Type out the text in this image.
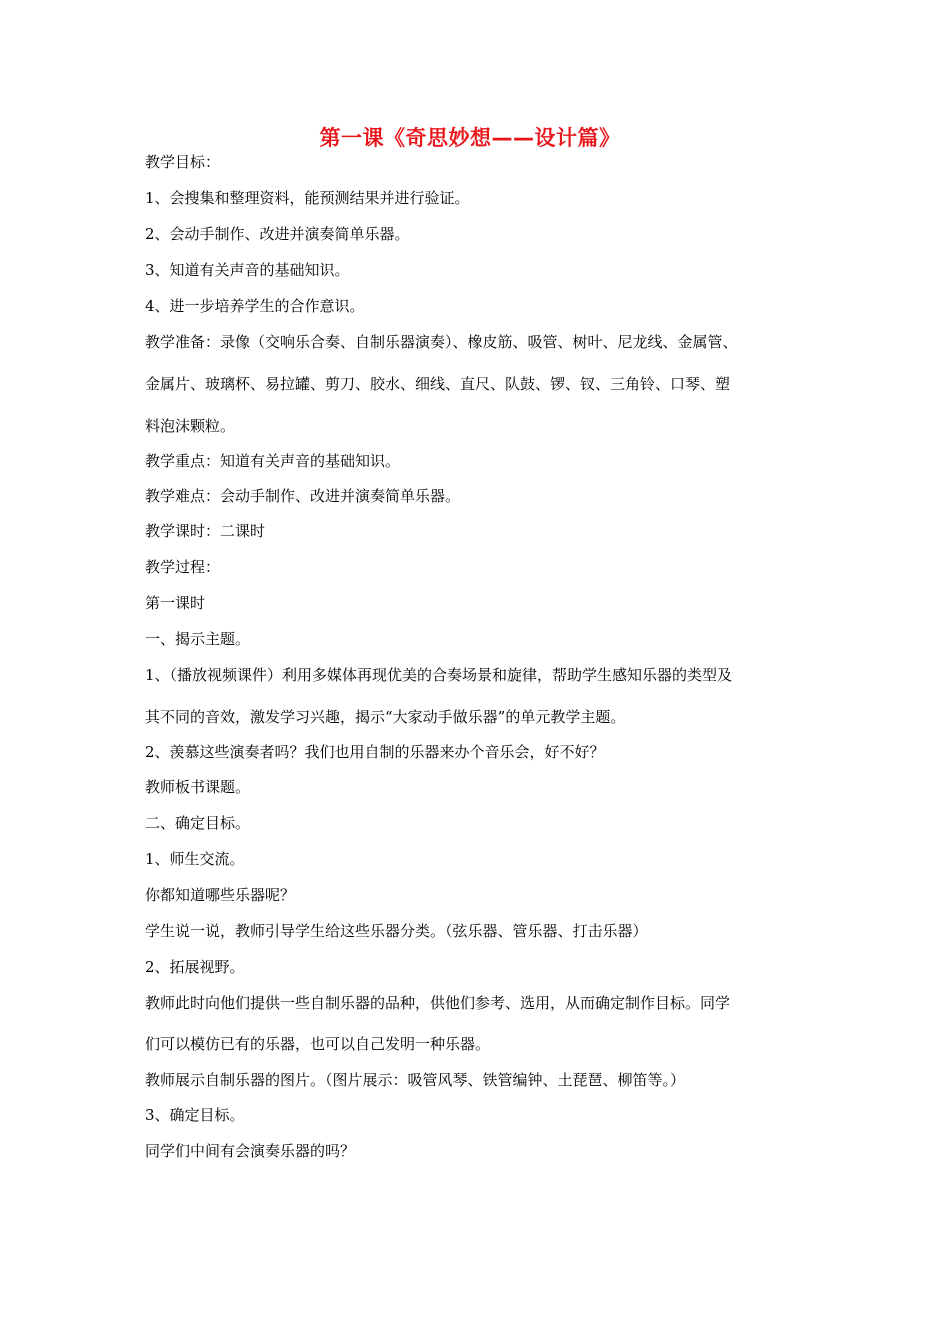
第一课《奇思妙想——设计篇》
教学目标：
1、会搜集和整理资料，能预测结果并进行验证。
2、会动手制作、改进并演奏简单乐器。
3、知道有关声音的基础知识。
4、进一步培养学生的合作意识。
教学准备：录像（交响乐合奏、自制乐器演奏）、橡皮筋、吸管、树叶、尼龙线、金属管、
金属片、玻璃杯、易拉罐、剪刀、胶水、细线、直尺、队鼓、锣、钗、三角铃、口琴、塑
料泡沫颗粒。
教学重点：知道有关声音的基础知识。
教学难点：会动手制作、改进并演奏简单乐器。
教学课时：二课时
教学过程：
第一课时
一、揭示主题。
1、（播放视频课件）利用多媒体再现优美的合奏场景和旋律，帮助学生感知乐器的类型及
其不同的音效，激发学习兴趣，揭示“大家动手做乐器”的单元教学主题。
2、羡慕这些演奏者吗？我们也用自制的乐器来办个音乐会，好不好？
教师板书课题。
二、确定目标。
1、师生交流。
你都知道哪些乐器呢？
学生说一说，教师引导学生给这些乐器分类。（弦乐器、管乐器、打击乐器）
2、拓展视野。
教师此时向他们提供一些自制乐器的品种，供他们参考、选用，从而确定制作目标。同学
们可以模仿已有的乐器，也可以自己发明一种乐器。
教师展示自制乐器的图片。（图片展示：吸管风琴、铁管编钟、土琵琶、柳笛等。）
3、确定目标。
同学们中间有会演奏乐器的吗？
